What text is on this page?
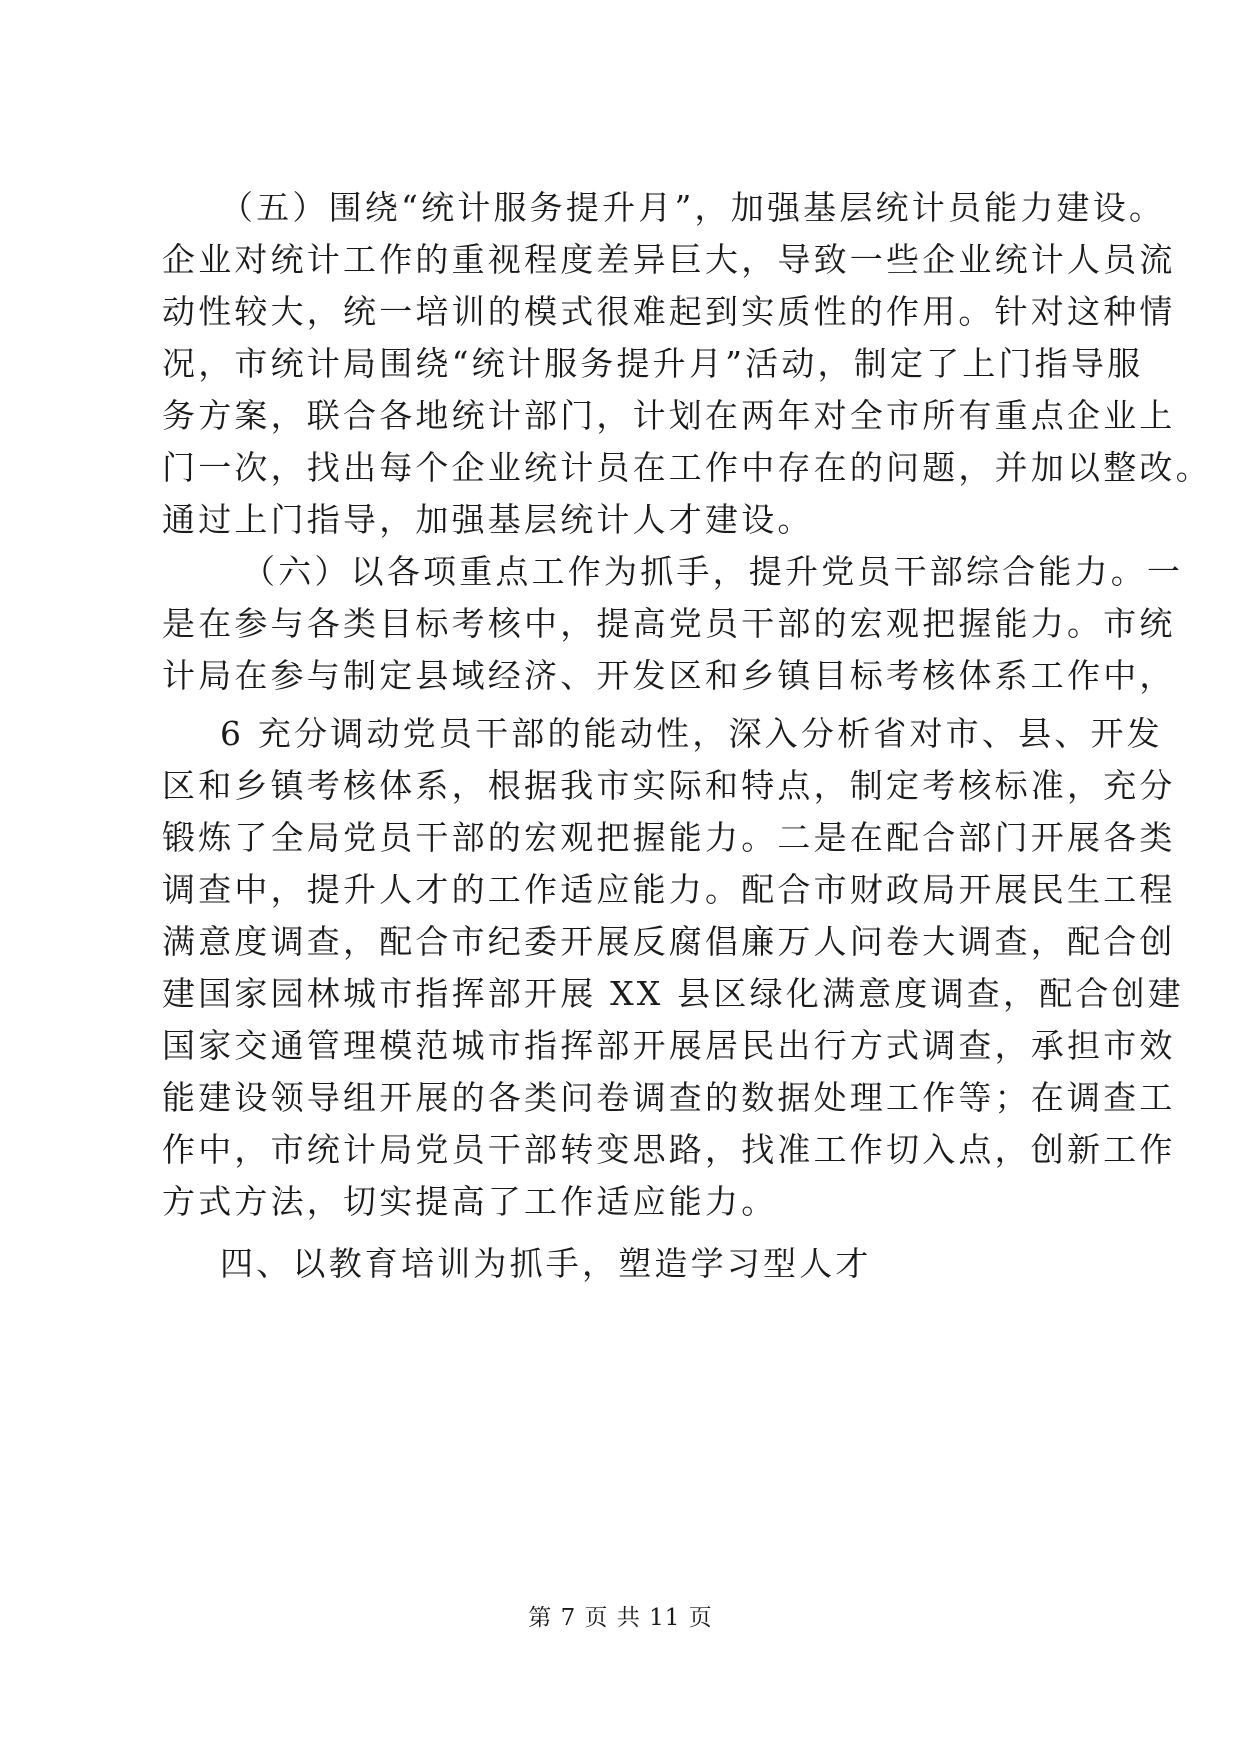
（五）围绕“统计服务提升月”，加强基层统计员能力建设。
企业对统计工作的重视程度差异巨大，导致一些企业统计人员流
动性较大，统一培训的模式很难起到实质性的作用。针对这种情
况，市统计局围绕“统计服务提升月”活动，制定了上门指导服
务方案，联合各地统计部门，计划在两年对全市所有重点企业上
门一次，找出每个企业统计员在工作中存在的问题，并加以整改。
通过上门指导，加强基层统计人才建设。
（六）以各项重点工作为抓手，提升党员干部综合能力。一
是在参与各类目标考核中，提高党员干部的宏观把握能力。市统
计局在参与制定县域经济、开发区和乡镇目标考核体系工作中，
6 充分调动党员干部的能动性，深入分析省对市、县、开发
区和乡镇考核体系，根据我市实际和特点，制定考核标准，充分
锻炼了全局党员干部的宏观把握能力。二是在配合部门开展各类
调查中，提升人才的工作适应能力。配合市财政局开展民生工程
满意度调查，配合市纪委开展反腐倡廉万人问卷大调查，配合创
建国家园林城市指挥部开展 XX 县区绿化满意度调查，配合创建
国家交通管理模范城市指挥部开展居民出行方式调查，承担市效
能建设领导组开展的各类问卷调查的数据处理工作等；在调查工
作中，市统计局党员干部转变思路，找准工作切入点，创新工作
方式方法，切实提高了工作适应能力。
四、以教育培训为抓手，塑造学习型人才
第 7 页 共 11 页
